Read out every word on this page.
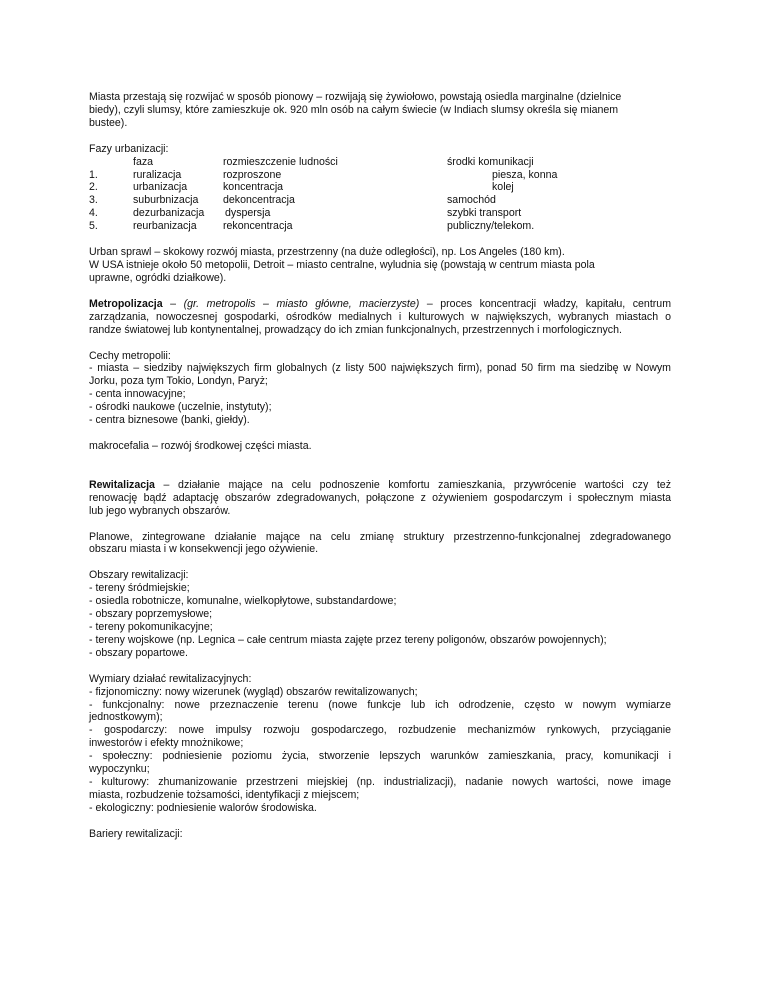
Miasta przestają się rozwijać w sposób pionowy – rozwijają się żywiołowo, powstają osiedla marginalne (dzielnice

biedy), czyli slumsy, które zamieszkuje ok. 920 mln osób na całym świecie (w Indiach slumsy określa się mianem

bustee).

Fazy urbanizacji:

	faza	rozmieszczenie ludności	środki komunikacji
1.	ruralizacja	rozproszone	piesza, konna
2.	urbanizacja	koncentracja	kolej
3.	suburbnizacja	dekoncentracja	samochód
4.	dezurbanizacja	dyspersja	szybki transport
5.	reurbanizacja	rekoncentracja	publiczny/telekom.

Urban sprawl – skokowy rozwój miasta, przestrzenny (na duże odległości), np. Los Angeles (180 km).

W USA istnieje około 50 metopolii, Detroit – miasto centralne, wyludnia się (powstają w centrum miasta pola

uprawne, ogródki działkowe).

Metropolizacja – (gr. metropolis – miasto główne, macierzyste) – proces koncentracji władzy, kapitału, centrum

zarządzania, nowoczesnej gospodarki, ośrodków medialnych i kulturowych w największych, wybranych miastach o

randze światowej lub kontynentalnej, prowadzący do ich zmian funkcjonalnych, przestrzennych i morfologicznych.

Cechy metropolii:

- miasta – siedziby największych firm globalnych (z listy 500 największych firm), ponad 50 firm ma siedzibę w Nowym

Jorku, poza tym Tokio, Londyn, Paryż;

- centa innowacyjne;

- ośrodki naukowe (uczelnie, instytuty);

- centra biznesowe (banki, giełdy).

makrocefalia – rozwój środkowej części miasta.

Rewitalizacja – działanie mające na celu podnoszenie komfortu zamieszkania, przywrócenie wartości czy też

renowację bądź adaptację obszarów zdegradowanych, połączone z ożywieniem gospodarczym i społecznym miasta

lub jego wybranych obszarów.

Planowe, zintegrowane działanie mające na celu zmianę struktury przestrzenno-funkcjonalnej zdegradowanego

obszaru miasta i w konsekwencji jego ożywienie.

Obszary rewitalizacji:

- tereny śródmiejskie;

- osiedla robotnicze, komunalne, wielkopłytowe, substandardowe;

- obszary poprzemysłowe;

- tereny pokomunikacyjne;

- tereny wojskowe (np. Legnica – całe centrum miasta zajęte przez tereny poligonów, obszarów powojennych);

- obszary popartowe.

Wymiary działać rewitalizacyjnych:

- fizjonomiczny: nowy wizerunek (wygląd) obszarów rewitalizowanych;

- funkcjonalny: nowe przeznaczenie terenu (nowe funkcje lub ich odrodzenie, często w nowym wymiarze

jednostkowym);

- gospodarczy: nowe impulsy rozwoju gospodarczego, rozbudzenie mechanizmów rynkowych, przyciąganie

inwestorów i efekty mnożnikowe;

- społeczny: podniesienie poziomu życia, stworzenie lepszych warunków zamieszkania, pracy, komunikacji i

wypoczynku;

- kulturowy: zhumanizowanie przestrzeni miejskiej (np. industrializacji), nadanie nowych wartości, nowe image

miasta, rozbudzenie tożsamości, identyfikacji z miejscem;

- ekologiczny: podniesienie walorów środowiska.

Bariery rewitalizacji:
